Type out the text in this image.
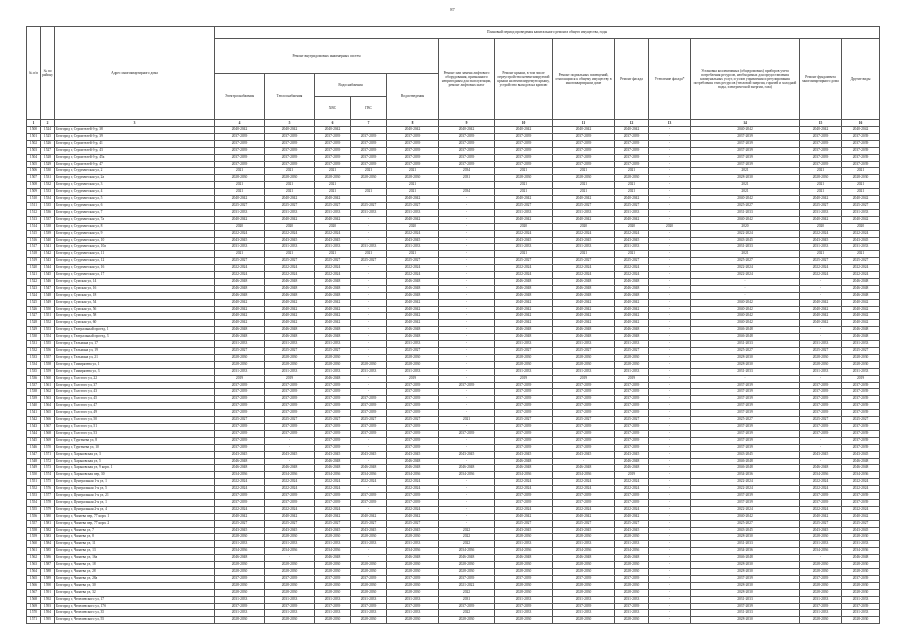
87
№ п/п	№ по району	Адрес многоквартирного дома	Плановый период проведения капитального ремонта общего имущества, годы												
			Ремонт внутридомовых инженерных систем					Ремонт или замена лифтового оборудования, признанного непригодным для эксплуатации, ремонт лифтовых шахт	Ремонт крыши, в том числе переустройство невентилируемой крыши на вентилируемую крышу, устройство выходов на кровлю	Ремонт подвальных помещений, относящихся к общему имуществу в многоквартирном доме	Ремонт фасада	Утепление фасада*	Установка коллективных (общедомовых) приборов учета потребления ресурсов, необходимых для предоставления коммунальных услуг, и узлов управления и регулирования потребления этих ресурсов (тепловой энергии, горячей и холодной воды, электрической энергии, газа)	Ремонт фундамента многоквартирного дома	Другие виды
			Электроснабжения	Теплоснабжения	Водоснабжения
ХВС ГВС		Водоотведения								
1	2	3	4	5	6	7	8	9	10	11	12	13	14	15	16
1500	1524	Белгород г, Строителей б-р, 38	2040-2042	2040-2042	2040-2042		2040-2042	2040-2042	2040-2042	2040-2042	2040-2042	-	2040-2042	2040-2042	2040-2042
1501	1525	Белгород г, Строителей б-р, 39	2037-2039	2037-2039	2037-2039	2037-2039	2037-2039	2037-2039	2037-2039	2037-2039	2037-2039	-	2037-2039	2037-2039	2037-2039
1502	1526	Белгород г, Строителей б-р, 41	2037-2039	2037-2039	2037-2039	2037-2039	2037-2039	2037-2039	2037-2039	2037-2039	2037-2039	-	2037-2039	2037-2039	2037-2039
1503	1527	Белгород г, Строителей б-р, 43	2037-2039	2037-2039	2037-2039	2037-2039	2037-2039	2037-2039	2037-2039	2037-2039	2037-2039	-	2037-2039	2037-2039	2037-2039
1504	1528	Белгород г, Строителей б-р, 45а	2037-2039	2037-2039	2037-2039	2037-2039	2037-2039	2037-2039	2037-2039	2037-2039	2037-2039	-	2037-2039	2037-2039	2037-2039
1505	1529	Белгород г, Строителей б-р, 47	2037-2039	2037-2039	2037-2039	2037-2039	2037-2039	2037-2039	2037-2039	2037-2039	2037-2039	-	2037-2039	2037-2039	2037-2039
1506	1530	Белгород г, Студенческая ул, 2	2021	2021	2021	2021	2021	2034	2021	2021	2021	-	2021	2021	2021
1507	1531	Белгород г, Студенческая ул, 2а	2028-2030	2028-2030	2028-2030	2028-2030	2028-2030	2031	2028-2030	2028-2030	2028-2030	-	2028-2030	2028-2030	2028-2030
1508	1532	Белгород г, Студенческая ул, 3	2021	2021	2021		2021		2021	2021	2021	-	2021	2021	2021
1509	1533	Белгород г, Студенческая ул, 4	2021	2021	2021	2021	2021	2034	2021	2021	2021	-	2021	2021	2021
1510	1534	Белгород г, Студенческая ул, 5	2040-2042	2040-2042	2040-2042		2040-2042	-	2040-2042	2040-2042	2040-2042	-	2040-2042	2040-2042	2040-2042
1511	1535	Белгород г, Студенческая ул, 6	2025-2027	2025-2027	2025-2027	2025-2027	2025-2027	-	2025-2027	2025-2027	2025-2027	-	2025-2027	2025-2027	2025-2027
1512	1536	Белгород г, Студенческая ул, 7	2031-2033	2031-2033	2031-2033	2031-2033	2031-2033	-	2031-2033	2031-2033	2031-2033	-	2031-2033	2031-2033	2031-2033
1513	1537	Белгород г, Студенческая ул, 7а	2040-2042	2040-2042	2040-2042	-	2040-2042	-	2040-2042	2040-2042	2040-2042	-	2040-2042	2040-2042	2040-2042
1514	1538	Белгород г, Студенческая ул, 8	2020	2020	2020	-	2020	-	2020	2020	2020	2020	2020	2020	2020
1515	1539	Белгород г, Студенческая ул, 9	2022-2024	2022-2024	2022-2024	-	2022-2024	-	2022-2024	2022-2024	2022-2024	-	2022-2024	2022-2024	2022-2024
1516	1540	Белгород г, Студенческая ул, 10	2043-2045	2043-2045	2043-2045	-	2043-2045	-	2043-2045	2043-2045	2043-2045	-	2043-2045	2043-2045	2043-2045
1517	1541	Белгород г, Студенческая ул, 10а	2031-2033	2031-2033	2031-2033	2031-2033	2031-2033	-	2031-2033	2031-2033	2031-2033	-	2031-2033	2031-2033	2031-2033
1518	1542	Белгород г, Студенческая ул, 11	2021	2021	2021	2021	2021	-	2021	2021	2021	-	2021	2021	2021
1519	1543	Белгород г, Студенческая ул, 12	2025-2027	2025-2027	2025-2027	2025-2027	2025-2027	-	2025-2027	2025-2027	2025-2027	-	2025-2027	2025-2027	2025-2027
1520	1544	Белгород г, Студенческая ул, 16	2022-2024	2022-2024	2022-2024	-	2022-2024	-	2022-2024	2022-2024	2022-2024	-	2022-2024	2022-2024	2022-2024
1521	1545	Белгород г, Студенческая ул, 17	2022-2024	2022-2024	2022-2024	-	2022-2024	-	2022-2024	2022-2024	2022-2024	-	2022-2024	2022-2024	2022-2024
1522	1546	Белгород г, Сумская ул, 14	2046-2048	2046-2048	2046-2048	-	2046-2048	-	2046-2048	2046-2048	2046-2048	-	-	-	2046-2048
1523	1547	Белгород г, Сумская ул, 16	2046-2048	2046-2048	2046-2048	-	2046-2048	-	2046-2048	2046-2048	2046-2048	-	-	-	2046-2048
1524	1548	Белгород г, Сумская ул, 18	2046-2048	2046-2048	2046-2048	-	2046-2048	-	2046-2048	2046-2048	2046-2048	-	-	-	2046-2048
1525	1549	Белгород г, Сумская ул, 54	2040-2042	2040-2042	2040-2042	-	2040-2042	-	2040-2042	2040-2042	2040-2042	-	2040-2042	2040-2042	2040-2042
1526	1550	Белгород г, Сумская ул, 56	2040-2042	2040-2042	2040-2042	-	2040-2042	-	2040-2042	2040-2042	2040-2042	-	2040-2042	2040-2042	2040-2042
1527	1551	Белгород г, Сумская ул, 58	2040-2042	2040-2042	2040-2042	-	2040-2042	-	2040-2042	2040-2042	2040-2042	-	2040-2042	2040-2042	2040-2042
1528	1552	Белгород г, Сумская ул, 60	2040-2042	2040-2042	2040-2042	-	2040-2042	-	2040-2042	2040-2042	2040-2042	-	2040-2042	2040-2042	2040-2042
1529	1553	Белгород г, Театральный проезд, 1	2046-2048	2046-2048	2046-2048	-	2046-2048	-	2046-2048	2046-2048	2046-2048	-	2046-2048	-	2046-2048
1530	1554	Белгород г, Театральный проезд, 3	2046-2048	2046-2048	2046-2048	-	2046-2048	-	2046-2048	2046-2048	2046-2048	-	2046-2048	-	2046-2048
1531	1555	Белгород г, Тельмана ул, 17	2031-2033	2031-2033	2031-2033	-	2031-2033	-	2031-2033	2031-2033	2031-2033	-	2031-2033	2031-2033	2031-2033
1532	1556	Белгород г, Тельмана ул, 19	2025-2027	2025-2027	2025-2027	-	2025-2027	-	2025-2027	2025-2027	2025-2027	-	2025-2027	2025-2027	2025-2027
1533	1557	Белгород г, Тельмана ул, 21	2028-2030	2028-2030	2028-2030	-	2028-2030	-	2028-2030	2028-2030	2028-2030	-	2028-2030	2028-2030	2028-2030
1534	1558	Белгород г, Тимирязева ул, 1	2028-2030	2028-2030	2028-2030	2028-2030	2028-2030	-	2028-2030	2028-2030	2028-2030	-	2028-2030	2028-2030	2028-2030
1535	1559	Белгород г, Тимирязева ул, 3	2031-2033	2031-2033	2031-2033	2031-2033	2031-2033	-	2031-2033	2031-2033	2031-2033	-	2031-2033	2031-2033	2031-2033
1536	1560	Белгород г, Толстого ул, 22	2019	2019	2046-2048	-	2019	-	2019	2019	2019	-	-	-	2019
1537	1561	Белгород г, Толстого ул, 37	2037-2039	2037-2039	2037-2039	-	2037-2039	2037-2039	2037-2039	2037-2039	2037-2039	-	2037-2039	2037-2039	2037-2039
1538	1562	Белгород г, Толстого ул, 43	2037-2039	2037-2039	2037-2039	-	2037-2039	-	2037-2039	2037-2039	2037-2039	-	2037-2039	2037-2039	2037-2039
1539	1563	Белгород г, Толстого ул, 45	2037-2039	2037-2039	2037-2039	2037-2039	2037-2039	-	2037-2039	2037-2039	2037-2039	-	2037-2039	2037-2039	2037-2039
1540	1564	Белгород г, Толстого ул, 47	2037-2039	2037-2039	2037-2039	2037-2039	2037-2039	-	2037-2039	2037-2039	2037-2039	-	2037-2039	2037-2039	2037-2039
1541	1565	Белгород г, Толстого ул, 49	2037-2039	2037-2039	2037-2039	2037-2039	2037-2039	-	2037-2039	2037-2039	2037-2039	-	2037-2039	2037-2039	2037-2039
1542	1566	Белгород г, Толстого ул, 50	2025-2027	2025-2027	2025-2027	2025-2027	2025-2027	2021	2025-2027	2025-2027	2025-2027	-	2025-2027	2025-2027	2025-2027
1543	1567	Белгород г, Толстого ул, 51	2037-2039	2037-2039	2037-2039	2037-2039	2037-2039	-	2037-2039	2037-2039	2037-2039	-	2037-2039	2037-2039	2037-2039
1544	1568	Белгород г, Толстого ул, 53	2037-2039	2037-2039	2037-2039	2037-2039	2037-2039	2037-2039	2037-2039	2037-2039	2037-2039	-	2037-2039	2037-2039	2037-2039
1545	1569	Белгород г, Тургенева ул, 8	2037-2039	-	2037-2039	-	2037-2039	-	2037-2039	2037-2039	2037-2039	-	2037-2039	-	2037-2039
1546	1570	Белгород г, Тургенева ул, 10	2037-2039	-	2037-2039	-	2037-2039	-	2037-2039	2037-2039	2037-2039	-	2037-2039	-	2037-2039
1547	1571	Белгород г, Харьковская ул, 3	2043-2045	2043-2045	2043-2045	2043-2045	2043-2045	2043-2045	2043-2045	2043-2045	2043-2045	-	2043-2045	2043-2045	2043-2045
1548	1572	Белгород г, Харьковская ул, 5	2046-2048	-	2046-2048	-	2046-2048	-	2046-2048	-	2046-2048	-	2046-2048	-	2046-2048
1549	1573	Белгород г, Харьковская ул, 9 корп. 1	2046-2048	2046-2048	2046-2048	2046-2048	2046-2048	2046-2048	2046-2048	2046-2048	2046-2048	-	2046-2048	2046-2048	2046-2048
1550	1574	Белгород г, Харьковская пер, 30	2034-2036	2034-2036	2034-2036	2034-2036	2034-2036	2034-2036	2034-2036	2034-2036	2019	-	2034-2036	2034-2036	2034-2036
1551	1575	Белгород г, Центральная 1-я ул, 1	2022-2024	2022-2024	2022-2024	2022-2024	2022-2024	-	2022-2024	2022-2024	2022-2024	-	2022-2024	2022-2024	2022-2024
1552	1576	Белгород г, Центральная 1-я ул, 5	2022-2024	2022-2024	2022-2024	-	2022-2024	-	2022-2024	2022-2024	2022-2024	-	2022-2024	2022-2024	2022-2024
1553	1577	Белгород г, Центральная 1-я ул, 21	2037-2039	2037-2039	2037-2039	2037-2039	2037-2039	-	2037-2039	2037-2039	2037-2039	-	2037-2039	2037-2039	2037-2039
1554	1578	Белгород г, Центральная 2-я ул, 1	2037-2039	2037-2039	2037-2039	2037-2039	2037-2039	-	2037-2039	2037-2039	2037-2039	-	2037-2039	2037-2039	2037-2039
1555	1579	Белгород г, Центральная 2-я ул, 4	2022-2024	2022-2024	2022-2024	-	2022-2024	-	2022-2024	2022-2024	2022-2024	-	2022-2024	2022-2024	2022-2024
1556	1580	Белгород г, Чапаева пер, 77 корп. 1	2040-2042	2040-2042	2040-2042	2040-2042	2040-2042	-	2040-2042	2040-2042	2040-2042	-	2040-2042	2040-2042	2040-2042
1557	1581	Белгород г, Чапаева пер, 77 корп. 2	2025-2027	2025-2027	2025-2027	2025-2027	2025-2027	-	2025-2027	2025-2027	2025-2027	-	2025-2027	2025-2027	2025-2027
1558	1582	Белгород г, Чапаева ул, 7	2043-2045	2043-2045	2043-2045	2043-2045	2043-2045	2022	2043-2045	2043-2045	2043-2045	-	2043-2045	2043-2045	2043-2045
1559	1583	Белгород г, Чапаева ул, 8	2028-2030	2028-2030	2028-2030	2028-2030	2028-2030	2022	2028-2030	2028-2030	2028-2030	-	2028-2030	2028-2030	2028-2030
1560	1584	Белгород г, Чапаева ул, 11	2031-2033	2031-2033	2031-2033	2031-2033	2031-2033	2022	2031-2033	2031-2033	2031-2033	-	2031-2033	2031-2033	2031-2033
1561	1585	Белгород г, Чапаева ул, 13	2034-2036	2034-2036	2034-2036	-	2034-2036	2034-2036	2034-2036	2034-2036	2034-2036	-	2034-2036	2034-2036	2034-2036
1562	1586	Белгород г, Чапаева ул, 16а	2046-2048	-	2046-2048	-	2046-2048	2046-2048	2046-2048	2046-2048	2046-2048	-	2046-2048	-	2046-2048
1563	1587	Белгород г, Чапаева ул, 18	2028-2030	2028-2030	2028-2030	2028-2030	2028-2030	2028-2030	2028-2030	2028-2030	2028-2030	-	2028-2030	2028-2030	2028-2030
1564	1588	Белгород г, Чапаева ул, 28	2028-2030	2028-2030	2028-2030	2028-2030	2028-2030	2028-2030	2028-2030	2028-2030	2028-2030	-	2028-2030	2028-2030	2028-2030
1565	1589	Белгород г, Чапаева ул, 28а	2037-2039	2037-2039	2037-2039	2037-2039	2037-2039	2037-2039	2037-2039	2037-2039	2037-2039	-	2037-2039	2037-2039	2037-2039
1566	1590	Белгород г, Чапаева ул, 30	2028-2030	2028-2030	2028-2030	2028-2030	2028-2030	2021-2022	2028-2030	2028-2030	2028-2030	-	2028-2030	2028-2030	2028-2030
1567	1591	Белгород г, Чапаева ул, 32	2028-2030	2028-2030	2028-2030	2028-2030	2028-2030	2022	2028-2030	2028-2030	2028-2030	-	2028-2030	2028-2030	2028-2030
1568	1592	Белгород г, Чепелевского ул, 17	2031-2033	2031-2033	2031-2033	2031-2033	2031-2033	2031	2031-2033	2031-2033	2031-2033	-	2031-2033	2031-2033	2031-2033
1569	1593	Белгород г, Чепелевского ул, 17б	2037-2039	2037-2039	2037-2039	2037-2039	2037-2039	2037-2039	2037-2039	2037-2039	2037-2039	-	2037-2039	2037-2039	2037-2039
1570	1594	Белгород г, Чепелевского ул, 35	2031-2033	2031-2033	2031-2033	2031-2033	2031-2033	2022	2031-2033	2031-2033	2031-2033	-	2031-2033	2031-2033	2031-2033
1571	1595	Белгород г, Чепелевского ул, 55	2028-2030	2028-2030	2028-2030	2028-2030	2028-2030	2028-2030	2028-2030	2028-2030	2028-2030	-	2028-2030	2028-2030	2028-2030
